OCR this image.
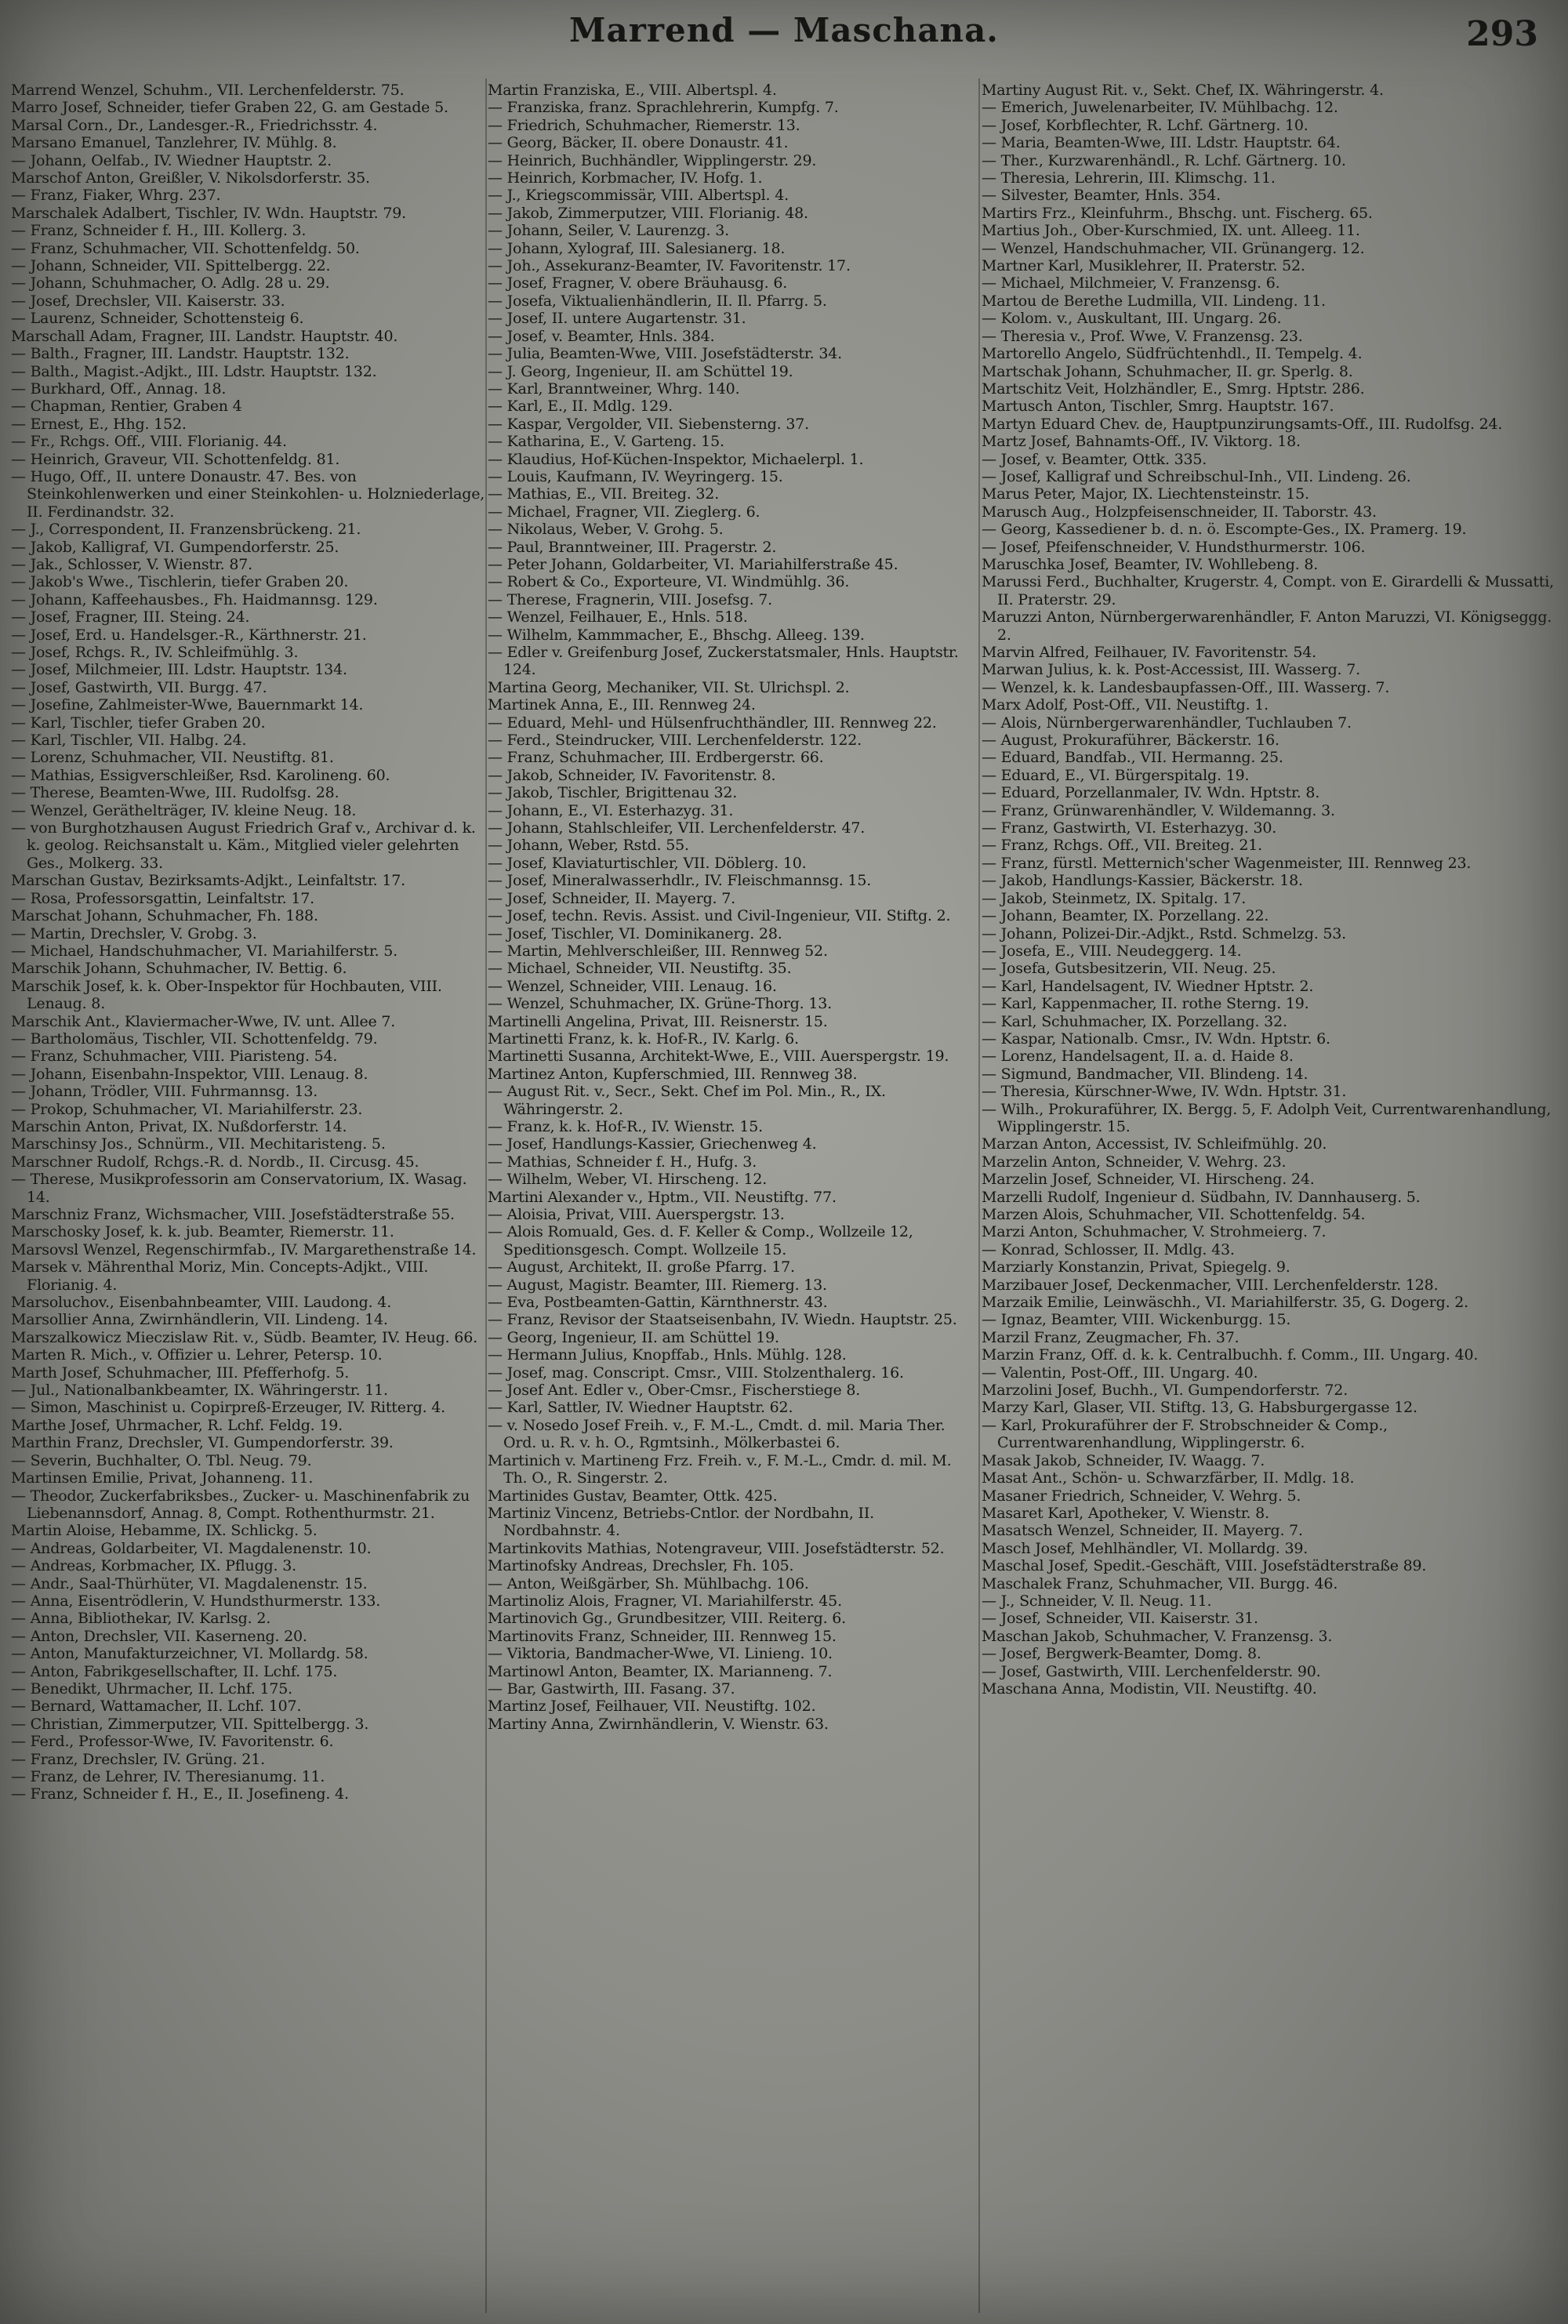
Marrend — Maschana.	293
Marrend Wenzel, Schuhm., VII. Lerchenfelderstr. 75.
Marro Josef, Schneider, tiefer Graben 22, G. am Gestade 5.
Marsal Corn., Dr., Landesger.-R., Friedrichsstr. 4.
Marsano Emanuel, Tanzlehrer, IV. Mühlg. 8.
— Johann, Oelfab., IV. Wiedner Hauptstr. 2.
Marschof Anton, Greißler, V. Nikolsdorferstr. 35.
— Franz, Fiaker, Whrg. 237.
Marschalek Adalbert, Tischler, IV. Wdn. Hauptstr. 79.
— Franz, Schneider f. H., III. Kollerg. 3.
— Franz, Schuhmacher, VII. Schottenfeldg. 50.
— Johann, Schneider, VII. Spittelbergg. 22.
— Johann, Schuhmacher, O. Adlg. 28 u. 29.
— Josef, Drechsler, VII. Kaiserstr. 33.
— Laurenz, Schneider, Schottensteig 6.
Marschall Adam, Fragner, III. Landstr. Hauptstr. 40.
— Balth., Fragner, III. Landstr. Hauptstr. 132.
— Balth., Magist.-Adjkt., III. Ldstr. Hauptstr. 132.
— Burkhard, Off., Annag. 18.
— Chapman, Rentier, Graben 4
— Ernest, E., Hhg. 152.
— Fr., Rchgs. Off., VIII. Florianig. 44.
— Heinrich, Graveur, VII. Schottenfeldg. 81.
— Hugo, Off., II. untere Donaustr. 47. Bes. von Steinkohlenwerken und einer Steinkohlen- u. Holzniederlage, II. Ferdinandstr. 32.
— J., Correspondent, II. Franzensbrückeng. 21.
— Jakob, Kalligraf, VI. Gumpendorferstr. 25.
— Jak., Schlosser, V. Wienstr. 87.
— Jakob's Wwe., Tischlerin, tiefer Graben 20.
— Johann, Kaffeehausbes., Fh. Haidmannsg. 129.
— Josef, Fragner, III. Steing. 24.
— Josef, Erd. u. Handelsger.-R., Kärthnerstr. 21.
— Josef, Rchgs. R., IV. Schleifmühlg. 3.
— Josef, Milchmeier, III. Ldstr. Hauptstr. 134.
— Josef, Gastwirth, VII. Burgg. 47.
— Josefine, Zahlmeister-Wwe, Bauernmarkt 14.
— Karl, Tischler, tiefer Graben 20.
— Karl, Tischler, VII. Halbg. 24.
— Lorenz, Schuhmacher, VII. Neustiftg. 81.
— Mathias, Essigverschleißer, Rsd. Karolineng. 60.
— Therese, Beamten-Wwe, III. Rudolfsg. 28.
— Wenzel, Geräthelträger, IV. kleine Neug. 18.
— von Burghotzhausen August Friedrich Graf v., Archivar d. k. k. geolog. Reichsanstalt u. Käm., Mitglied vieler gelehrten Ges., Molkerg. 33.
Marschan Gustav, Bezirksamts-Adjkt., Leinfaltstr. 17.
— Rosa, Professorsgattin, Leinfaltstr. 17.
Marschat Johann, Schuhmacher, Fh. 188.
— Martin, Drechsler, V. Grobg. 3.
— Michael, Handschuhmacher, VI. Mariahilferstr. 5.
Marschik Johann, Schuhmacher, IV. Bettig. 6.
Marschik Josef, k. k. Ober-Inspektor für Hochbauten, VIII. Lenaug. 8.
Marschik Ant., Klaviermacher-Wwe, IV. unt. Allee 7.
— Bartholomäus, Tischler, VII. Schottenfeldg. 79.
— Franz, Schuhmacher, VIII. Piaristeng. 54.
— Johann, Eisenbahn-Inspektor, VIII. Lenaug. 8.
— Johann, Trödler, VIII. Fuhrmannsg. 13.
— Prokop, Schuhmacher, VI. Mariahilferstr. 23.
Marschin Anton, Privat, IX. Nußdorferstr. 14.
Marschinsy Jos., Schnürm., VII. Mechitaristeng. 5.
Marschner Rudolf, Rchgs.-R. d. Nordb., II. Circusg. 45.
— Therese, Musikprofessorin am Conservatorium, IX. Wasag. 14.
Marschniz Franz, Wichsmacher, VIII. Josefstädterstraße 55.
Marschosky Josef, k. k. jub. Beamter, Riemerstr. 11.
Marsovsl Wenzel, Regenschirmfab., IV. Margarethenstraße 14.
Marsek v. Mährenthal Moriz, Min. Concepts-Adjkt., VIII. Florianig. 4.
Marsoluchov., Eisenbahnbeamter, VIII. Laudong. 4.
Marsollier Anna, Zwirnhändlerin, VII. Lindeng. 14.
Marszalkowicz Mieczislaw Rit. v., Südb. Beamter, IV. Heug. 66.
Marten R. Mich., v. Offizier u. Lehrer, Petersp. 10.
Marth Josef, Schuhmacher, III. Pfefferhofg. 5.
— Jul., Nationalbankbeamter, IX. Währingerstr. 11.
— Simon, Maschinist u. Copirpreß-Erzeuger, IV. Ritterg. 4.
Marthe Josef, Uhrmacher, R. Lchf. Feldg. 19.
Marthin Franz, Drechsler, VI. Gumpendorferstr. 39.
— Severin, Buchhalter, O. Tbl. Neug. 79.
Martinsen Emilie, Privat, Johanneng. 11.
— Theodor, Zuckerfabriksbes., Zucker- u. Maschinenfabrik zu Liebenannsdorf, Annag. 8, Compt. Rothenthurmstr. 21.
Martin Aloise, Hebamme, IX. Schlickg. 5.
— Andreas, Goldarbeiter, VI. Magdalenenstr. 10.
— Andreas, Korbmacher, IX. Pflugg. 3.
— Andr., Saal-Thürhüter, VI. Magdalenenstr. 15.
— Anna, Eisentrödlerin, V. Hundsthurmerstr. 133.
— Anna, Bibliothekar, IV. Karlsg. 2.
— Anton, Drechsler, VII. Kaserneng. 20.
— Anton, Manufakturzeichner, VI. Mollardg. 58.
— Anton, Fabrikgesellschafter, II. Lchf. 175.
— Benedikt, Uhrmacher, II. Lchf. 175.
— Bernard, Wattamacher, II. Lchf. 107.
— Christian, Zimmerputzer, VII. Spittelbergg. 3.
— Ferd., Professor-Wwe, IV. Favoritenstr. 6.
— Franz, Drechsler, IV. Grüng. 21.
— Franz, de Lehrer, IV. Theresianumg. 11.
— Franz, Schneider f. H., E., II. Josefineng. 4.
Martin Franziska, E., VIII. Albertspl. 4.
— Franziska, franz. Sprachlehrerin, Kumpfg. 7.
— Friedrich, Schuhmacher, Riemerstr. 13.
— Georg, Bäcker, II. obere Donaustr. 41.
— Heinrich, Buchhändler, Wipplingerstr. 29.
— Heinrich, Korbmacher, IV. Hofg. 1.
— J., Kriegscommissär, VIII. Albertspl. 4.
— Jakob, Zimmerputzer, VIII. Florianig. 48.
— Johann, Seiler, V. Laurenzg. 3.
— Johann, Xylograf, III. Salesianerg. 18.
— Joh., Assekuranz-Beamter, IV. Favoritenstr. 17.
— Josef, Fragner, V. obere Bräuhausg. 6.
— Josefa, Viktualienhändlerin, II. Il. Pfarrg. 5.
— Josef, II. untere Augartenstr. 31.
— Josef, v. Beamter, Hnls. 384.
— Julia, Beamten-Wwe, VIII. Josefstädterstr. 34.
— J. Georg, Ingenieur, II. am Schüttel 19.
— Karl, Branntweiner, Whrg. 140.
— Karl, E., II. Mdlg. 129.
— Kaspar, Vergolder, VII. Siebensterng. 37.
— Katharina, E., V. Garteng. 15.
— Klaudius, Hof-Küchen-Inspektor, Michaelerpl. 1.
— Louis, Kaufmann, IV. Weyringerg. 15.
— Mathias, E., VII. Breiteg. 32.
— Michael, Fragner, VII. Zieglerg. 6.
— Nikolaus, Weber, V. Grohg. 5.
— Paul, Branntweiner, III. Pragerstr. 2.
— Peter Johann, Goldarbeiter, VI. Mariahilferstraße 45.
— Robert & Co., Exporteure, VI. Windmühlg. 36.
— Therese, Fragnerin, VIII. Josefsg. 7.
— Wenzel, Feilhauer, E., Hnls. 518.
— Wilhelm, Kammmacher, E., Bhschg. Alleeg. 139.
— Edler v. Greifenburg Josef, Zuckerstatsmaler, Hnls. Hauptstr. 124.
Martina Georg, Mechaniker, VII. St. Ulrichspl. 2.
Martinek Anna, E., III. Rennweg 24.
— Eduard, Mehl- und Hülsenfruchthändler, III. Rennweg 22.
— Ferd., Steindrucker, VIII. Lerchenfelderstr. 122.
— Franz, Schuhmacher, III. Erdbergerstr. 66.
— Jakob, Schneider, IV. Favoritenstr. 8.
— Jakob, Tischler, Brigittenau 32.
— Johann, E., VI. Esterhazyg. 31.
— Johann, Stahlschleifer, VII. Lerchenfelderstr. 47.
— Johann, Weber, Rstd. 55.
— Josef, Klaviaturtischler, VII. Döblerg. 10.
— Josef, Mineralwasserhdlr., IV. Fleischmannsg. 15.
— Josef, Schneider, II. Mayerg. 7.
— Josef, techn. Revis. Assist. und Civil-Ingenieur, VII. Stiftg. 2.
— Josef, Tischler, VI. Dominikanerg. 28.
— Martin, Mehlverschleißer, III. Rennweg 52.
— Michael, Schneider, VII. Neustiftg. 35.
— Wenzel, Schneider, VIII. Lenaug. 16.
— Wenzel, Schuhmacher, IX. Grüne-Thorg. 13.
Martinelli Angelina, Privat, III. Reisnerstr. 15.
Martinetti Franz, k. k. Hof-R., IV. Karlg. 6.
Martinetti Susanna, Architekt-Wwe, E., VIII. Auerspergstr. 19.
Martinez Anton, Kupferschmied, III. Rennweg 38.
— August Rit. v., Secr., Sekt. Chef im Pol. Min., R., IX. Währingerstr. 2.
— Franz, k. k. Hof-R., IV. Wienstr. 15.
— Josef, Handlungs-Kassier, Griechenweg 4.
— Mathias, Schneider f. H., Hufg. 3.
— Wilhelm, Weber, VI. Hirscheng. 12.
Martini Alexander v., Hptm., VII. Neustiftg. 77.
— Aloisia, Privat, VIII. Auerspergstr. 13.
— Alois Romuald, Ges. d. F. Keller & Comp., Wollzeile 12, Speditionsgesch. Compt. Wollzeile 15.
— August, Architekt, II. große Pfarrg. 17.
— August, Magistr. Beamter, III. Riemerg. 13.
— Eva, Postbeamten-Gattin, Kärnthnerstr. 43.
— Franz, Revisor der Staatseisenbahn, IV. Wiedn. Hauptstr. 25.
— Georg, Ingenieur, II. am Schüttel 19.
— Hermann Julius, Knopffab., Hnls. Mühlg. 128.
— Josef, mag. Conscript. Cmsr., VIII. Stolzenthalerg. 16.
— Josef Ant. Edler v., Ober-Cmsr., Fischerstiege 8.
— Karl, Sattler, IV. Wiedner Hauptstr. 62.
— v. Nosedo Josef Freih. v., F. M.-L., Cmdt. d. mil. Maria Ther. Ord. u. R. v. h. O., Rgmtsinh., Mölkerbastei 6.
Martinich v. Martineng Frz. Freih. v., F. M.-L., Cmdr. d. mil. M. Th. O., R. Singerstr. 2.
Martinides Gustav, Beamter, Ottk. 425.
Martiniz Vincenz, Betriebs-Cntlor. der Nordbahn, II. Nordbahnstr. 4.
Martinkovits Mathias, Notengraveur, VIII. Josefstädterstr. 52.
Martinofsky Andreas, Drechsler, Fh. 105.
— Anton, Weißgärber, Sh. Mühlbachg. 106.
Martinoliz Alois, Fragner, VI. Mariahilferstr. 45.
Martinovich Gg., Grundbesitzer, VIII. Reiterg. 6.
Martinovits Franz, Schneider, III. Rennweg 15.
— Viktoria, Bandmacher-Wwe, VI. Linieng. 10.
Martinowl Anton, Beamter, IX. Marianneng. 7.
— Bar, Gastwirth, III. Fasang. 37.
Martinz Josef, Feilhauer, VII. Neustiftg. 102.
Martiny Anna, Zwirnhändlerin, V. Wienstr. 63.
Martiny August Rit. v., Sekt. Chef, IX. Währingerstr. 4.
— Emerich, Juwelenarbeiter, IV. Mühlbachg. 12.
— Josef, Korbflechter, R. Lchf. Gärtnerg. 10.
— Maria, Beamten-Wwe, III. Ldstr. Hauptstr. 64.
— Ther., Kurzwarenhändl., R. Lchf. Gärtnerg. 10.
— Theresia, Lehrerin, III. Klimschg. 11.
— Silvester, Beamter, Hnls. 354.
Martirs Frz., Kleinfuhrm., Bhschg. unt. Fischerg. 65.
Martius Joh., Ober-Kurschmied, IX. unt. Alleeg. 11.
— Wenzel, Handschuhmacher, VII. Grünangerg. 12.
Martner Karl, Musiklehrer, II. Praterstr. 52.
— Michael, Milchmeier, V. Franzensg. 6.
Martou de Berethe Ludmilla, VII. Lindeng. 11.
— Kolom. v., Auskultant, III. Ungarg. 26.
— Theresia v., Prof. Wwe, V. Franzensg. 23.
Martorello Angelo, Südfrüchtenhdl., II. Tempelg. 4.
Martschak Johann, Schuhmacher, II. gr. Sperlg. 8.
Martschitz Veit, Holzhändler, E., Smrg. Hptstr. 286.
Martusch Anton, Tischler, Smrg. Hauptstr. 167.
Martyn Eduard Chev. de, Hauptpunzirungsamts-Off., III. Rudolfsg. 24.
Martz Josef, Bahnamts-Off., IV. Viktorg. 18.
— Josef, v. Beamter, Ottk. 335.
— Josef, Kalligraf und Schreibschul-Inh., VII. Lindeng. 26.
Marus Peter, Major, IX. Liechtensteinstr. 15.
Marusch Aug., Holzpfeisenschneider, II. Taborstr. 43.
— Georg, Kassediener b. d. n. ö. Escompte-Ges., IX. Pramerg. 19.
— Josef, Pfeifenschneider, V. Hundsthurmerstr. 106.
Maruschka Josef, Beamter, IV. Wohllebeng. 8.
Marussi Ferd., Buchhalter, Krugerstr. 4, Compt. von E. Girardelli & Mussatti, II. Praterstr. 29.
Maruzzi Anton, Nürnbergerwarenhändler, F. Anton Maruzzi, VI. Königseggg. 2.
Marvin Alfred, Feilhauer, IV. Favoritenstr. 54.
Marwan Julius, k. k. Post-Accessist, III. Wasserg. 7.
— Wenzel, k. k. Landesbaupfassen-Off., III. Wasserg. 7.
Marx Adolf, Post-Off., VII. Neustiftg. 1.
— Alois, Nürnbergerwarenhändler, Tuchlauben 7.
— August, Prokuraführer, Bäckerstr. 16.
— Eduard, Bandfab., VII. Hermanng. 25.
— Eduard, E., VI. Bürgerspitalg. 19.
— Eduard, Porzellanmaler, IV. Wdn. Hptstr. 8.
— Franz, Grünwarenhändler, V. Wildemanng. 3.
— Franz, Gastwirth, VI. Esterhazyg. 30.
— Franz, Rchgs. Off., VII. Breiteg. 21.
— Franz, fürstl. Metternich'scher Wagenmeister, III. Rennweg 23.
— Jakob, Handlungs-Kassier, Bäckerstr. 18.
— Jakob, Steinmetz, IX. Spitalg. 17.
— Johann, Beamter, IX. Porzellang. 22.
— Johann, Polizei-Dir.-Adjkt., Rstd. Schmelzg. 53.
— Josefa, E., VIII. Neudeggerg. 14.
— Josefa, Gutsbesitzerin, VII. Neug. 25.
— Karl, Handelsagent, IV. Wiedner Hptstr. 2.
— Karl, Kappenmacher, II. rothe Sterng. 19.
— Karl, Schuhmacher, IX. Porzellang. 32.
— Kaspar, Nationalb. Cmsr., IV. Wdn. Hptstr. 6.
— Lorenz, Handelsagent, II. a. d. Haide 8.
— Sigmund, Bandmacher, VII. Blindeng. 14.
— Theresia, Kürschner-Wwe, IV. Wdn. Hptstr. 31.
— Wilh., Prokuraführer, IX. Bergg. 5, F. Adolph Veit, Currentwarenhandlung, Wipplingerstr. 15.
Marzan Anton, Accessist, IV. Schleifmühlg. 20.
Marzelin Anton, Schneider, V. Wehrg. 23.
Marzelin Josef, Schneider, VI. Hirscheng. 24.
Marzelli Rudolf, Ingenieur d. Südbahn, IV. Dannhauserg. 5.
Marzen Alois, Schuhmacher, VII. Schottenfeldg. 54.
Marzi Anton, Schuhmacher, V. Strohmeierg. 7.
— Konrad, Schlosser, II. Mdlg. 43.
Marziarly Konstanzin, Privat, Spiegelg. 9.
Marzibauer Josef, Deckenmacher, VIII. Lerchenfelderstr. 128.
Marzaik Emilie, Leinwäschh., VI. Mariahilferstr. 35, G. Dogerg. 2.
— Ignaz, Beamter, VIII. Wickenburgg. 15.
Marzil Franz, Zeugmacher, Fh. 37.
Marzin Franz, Off. d. k. k. Centralbuchh. f. Comm., III. Ungarg. 40.
— Valentin, Post-Off., III. Ungarg. 40.
Marzolini Josef, Buchh., VI. Gumpendorferstr. 72.
Marzy Karl, Glaser, VII. Stiftg. 13, G. Habsburgergasse 12.
— Karl, Prokuraführer der F. Strobschneider & Comp., Currentwarenhandlung, Wipplingerstr. 6.
Masak Jakob, Schneider, IV. Waagg. 7.
Masat Ant., Schön- u. Schwarzfärber, II. Mdlg. 18.
Masaner Friedrich, Schneider, V. Wehrg. 5.
Masaret Karl, Apotheker, V. Wienstr. 8.
Masatsch Wenzel, Schneider, II. Mayerg. 7.
Masch Josef, Mehlhändler, VI. Mollardg. 39.
Maschal Josef, Spedit.-Geschäft, VIII. Josefstädterstraße 89.
Maschalek Franz, Schuhmacher, VII. Burgg. 46.
— J., Schneider, V. Il. Neug. 11.
— Josef, Schneider, VII. Kaiserstr. 31.
Maschan Jakob, Schuhmacher, V. Franzensg. 3.
— Josef, Bergwerk-Beamter, Domg. 8.
— Josef, Gastwirth, VIII. Lerchenfelderstr. 90.
Maschana Anna, Modistin, VII. Neustiftg. 40.
